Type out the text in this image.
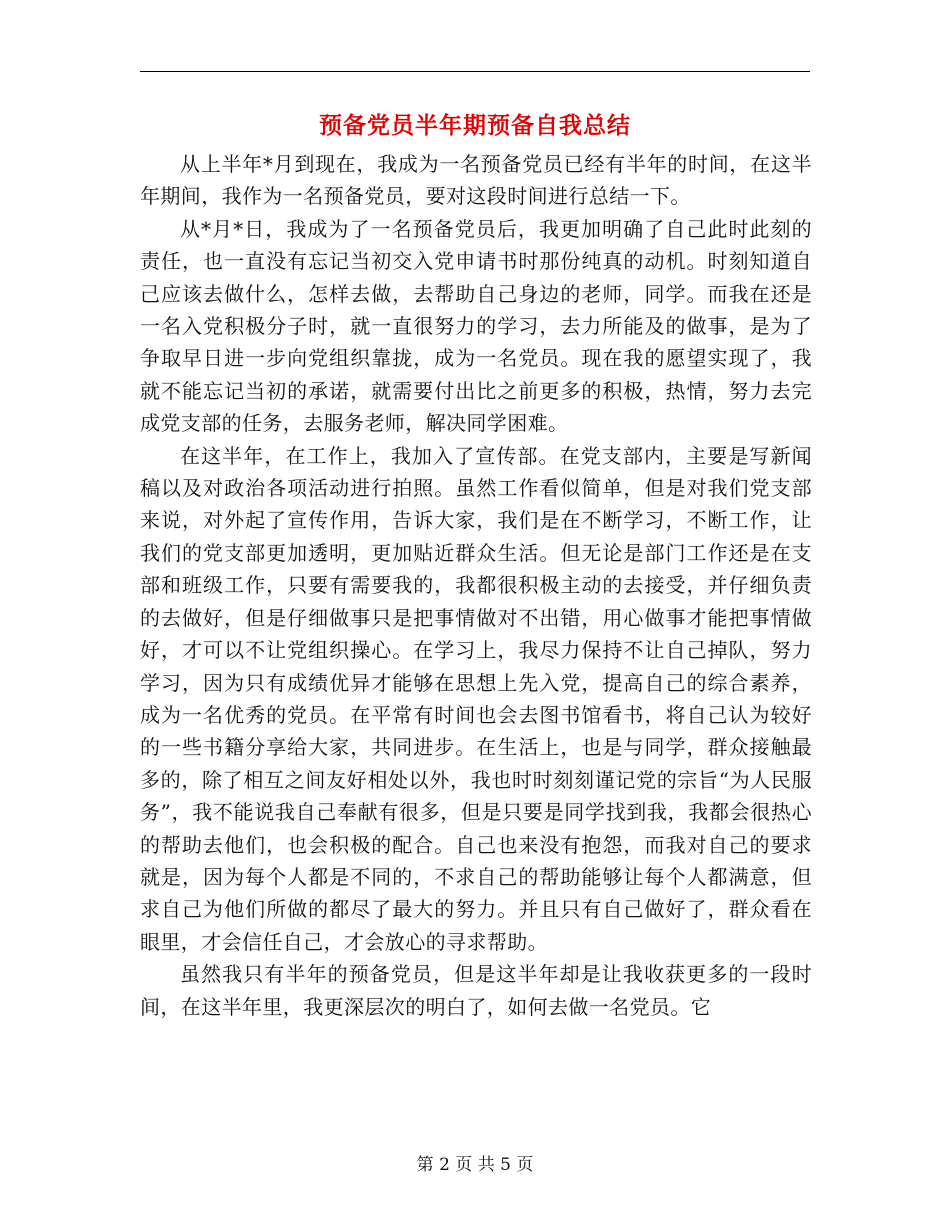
预备党员半年期预备自我总结

从上半年*月到现在，我成为一名预备党员已经有半年的时间，在这半年期间，我作为一名预备党员，要对这段时间进行总结一下。

从*月*日，我成为了一名预备党员后，我更加明确了自己此时此刻的责任，也一直没有忘记当初交入党申请书时那份纯真的动机。时刻知道自己应该去做什么，怎样去做，去帮助自己身边的老师，同学。而我在还是一名入党积极分子时，就一直很努力的学习，去力所能及的做事，是为了争取早日进一步向党组织靠拢，成为一名党员。现在我的愿望实现了，我就不能忘记当初的承诺，就需要付出比之前更多的积极，热情，努力去完成党支部的任务，去服务老师，解决同学困难。

在这半年，在工作上，我加入了宣传部。在党支部内，主要是写新闻稿以及对政治各项活动进行拍照。虽然工作看似简单，但是对我们党支部来说，对外起了宣传作用，告诉大家，我们是在不断学习，不断工作，让我们的党支部更加透明，更加贴近群众生活。但无论是部门工作还是在支部和班级工作，只要有需要我的，我都很积极主动的去接受，并仔细负责的去做好，但是仔细做事只是把事情做对不出错，用心做事才能把事情做好，才可以不让党组织操心。在学习上，我尽力保持不让自己掉队，努力学习，因为只有成绩优异才能够在思想上先入党，提高自己的综合素养，成为一名优秀的党员。在平常有时间也会去图书馆看书，将自己认为较好的一些书籍分享给大家，共同进步。在生活上，也是与同学，群众接触最多的，除了相互之间友好相处以外，我也时时刻刻谨记党的宗旨“为人民服务”，我不能说我自己奉献有很多，但是只要是同学找到我，我都会很热心的帮助去他们，也会积极的配合。自己也来没有抱怨，而我对自己的要求就是，因为每个人都是不同的，不求自己的帮助能够让每个人都满意，但求自己为他们所做的都尽了最大的努力。并且只有自己做好了，群众看在眼里，才会信任自己，才会放心的寻求帮助。

虽然我只有半年的预备党员，但是这半年却是让我收获更多的一段时间，在这半年里，我更深层次的明白了，如何去做一名党员。它

第 2 页 共 5 页
